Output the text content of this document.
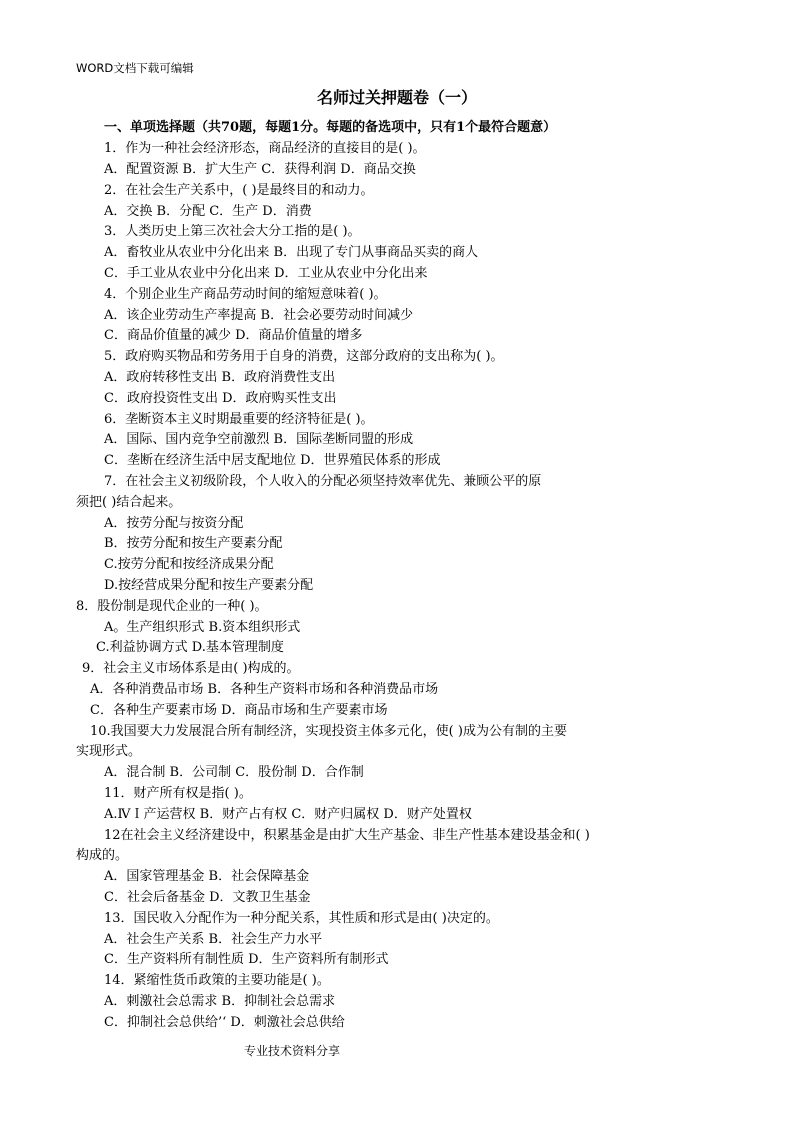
WORD文档下载可编辑
名师过关押题卷（一）
一、单项选择题（共70题，每题1分。每题的备选项中，只有1个最符合题意）
1．作为一种社会经济形态，商品经济的直接目的是( )。
A．配置资源 B．扩大生产 C．获得利润 D．商品交换
2．在社会生产关系中，( )是最终目的和动力。
A．交换 B．分配 C．生产 D．消费
3．人类历史上第三次社会大分工指的是( )。
A．畜牧业从农业中分化出来 B．出现了专门从事商品买卖的商人
C．手工业从农业中分化出来 D．工业从农业中分化出来
4．个别企业生产商品劳动时间的缩短意味着( )。
A．该企业劳动生产率提高 B．社会必要劳动时间减少
C．商品价值量的减少 D．商品价值量的增多
5．政府购买物品和劳务用于自身的消费，这部分政府的支出称为( )。
A．政府转移性支出 B．政府消费性支出
C．政府投资性支出 D．政府购买性支出
6．垄断资本主义时期最重要的经济特征是( )。
A．国际、国内竞争空前激烈 B．国际垄断同盟的形成
C．垄断在经济生活中居支配地位 D．世界殖民体系的形成
7．在社会主义初级阶段，个人收入的分配必须坚持效率优先、兼顾公平的原
须把( )结合起来。
A．按劳分配与按资分配
B．按劳分配和按生产要素分配
C.按劳分配和按经济成果分配
D.按经营成果分配和按生产要素分配
8．股份制是现代企业的一种( )。
A。生产组织形式 B.资本组织形式
C.利益协调方式 D.基本管理制度
9．社会主义市场体系是由( )构成的。
A．各种消费品市场 B．各种生产资料市场和各种消费品市场
C．各种生产要素市场 D．商品市场和生产要素市场
10.我国要大力发展混合所有制经济，实现投资主体多元化，使( )成为公有制的主要
实现形式。
A．混合制 B．公司制 C．股份制 D．合作制
11．财产所有权是指( )。
A.ⅣＩ产运营权 B．财产占有权 C．财产归属权 D．财产处置权
12在社会主义经济建设中，积累基金是由扩大生产基金、非生产性基本建设基金和( )
构成的。
A．国家管理基金 B．社会保障基金
C．社会后备基金 D．文教卫生基金
13．国民收入分配作为一种分配关系，其性质和形式是由( )决定的。
A．社会生产关系 B．社会生产力水平
C．生产资料所有制性质 D．生产资料所有制形式
14．紧缩性货币政策的主要功能是( )。
A．刺激社会总需求 B．抑制社会总需求
C．抑制社会总供给’‘ D．刺激社会总供给
专业技术资料分享
